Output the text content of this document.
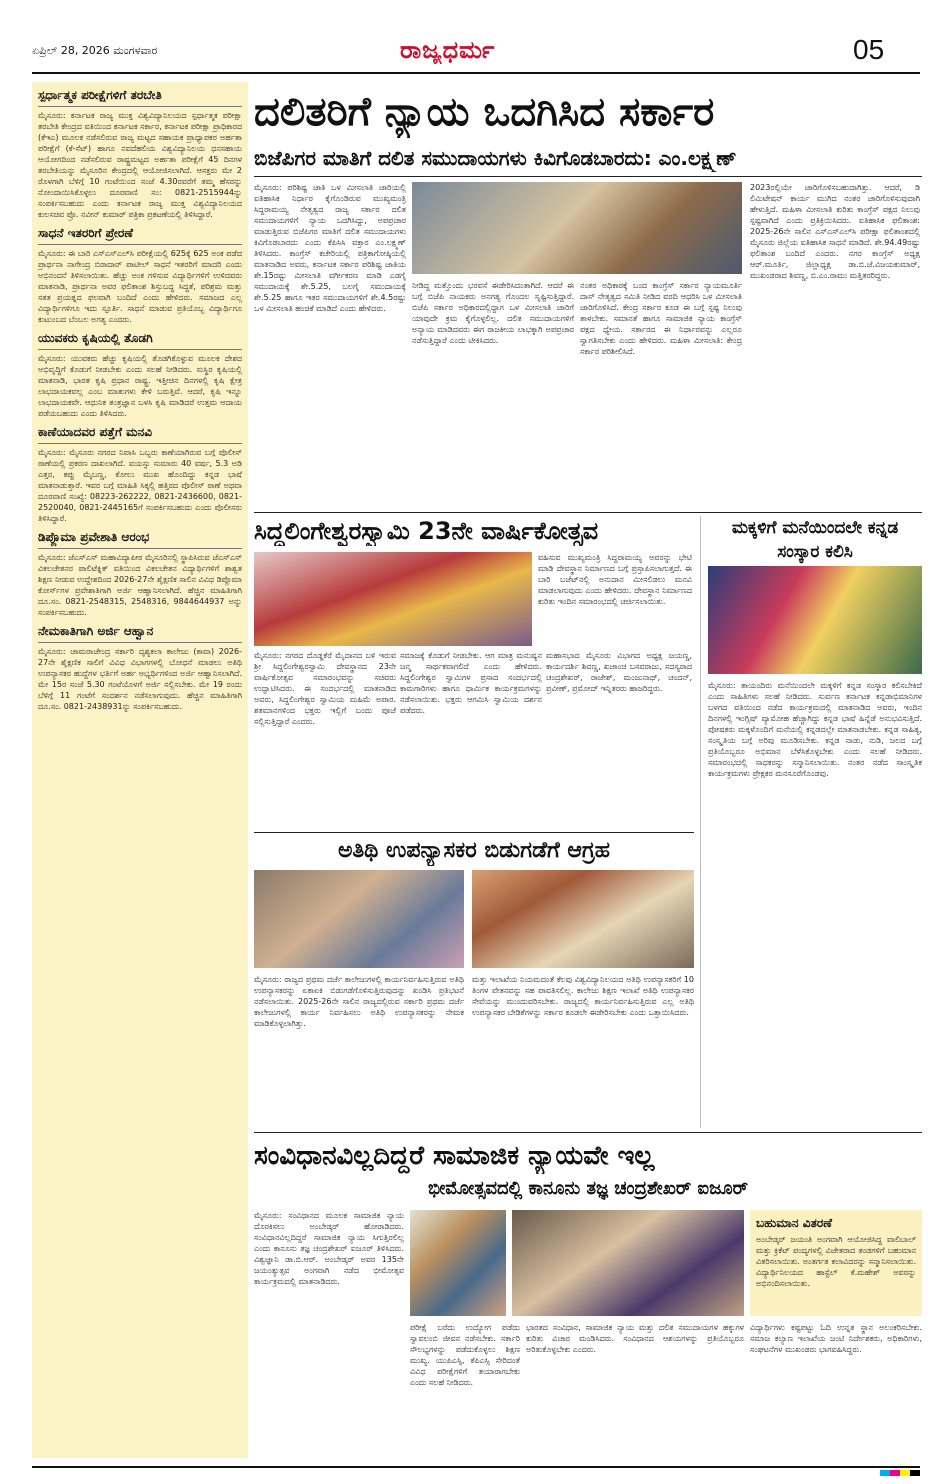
ಏಪ್ರಿಲ್ 28, 2026 ಮಂಗಳವಾರ	ರಾಜ್ಯಧರ್ಮ	05
ಸ್ಪರ್ಧಾತ್ಮಕ ಪರೀಕ್ಷೆಗಳಿಗೆ ತರಬೇತಿ
ಮೈಸೂರು: ಕರ್ನಾಟಕ ರಾಜ್ಯ ಮುಕ್ತ ವಿಶ್ವವಿದ್ಯಾನಿಲಯದ ಸ್ಪರ್ಧಾತ್ಮಕ ಪರೀಕ್ಷಾ ತರಬೇತಿ ಕೇಂದ್ರದ ವತಿಯಿಂದ ಕರ್ನಾಟಕ ಸರ್ಕಾರ, ಕರ್ನಾಟಕ ಪರೀಕ್ಷಾ ಪ್ರಾಧಿಕಾರದ (ಕೆಇಎ) ಮೂಲಕ ನಡೆಸಲಿರುವ ರಾಜ್ಯ ಮಟ್ಟದ ಸಹಾಯಕ ಪ್ರಾಧ್ಯಾಪಕರ ಅರ್ಹತಾ ಪರೀಕ್ಷೆಗೆ (ಕೆ-ಸೆಟ್) ಹಾಗೂ ನವದೆಹಲಿಯ ವಿಶ್ವವಿದ್ಯಾನಿಲಯ ಧನಸಹಾಯ ಆಯೋಗದಿಂದ ನಡೆಸಲಿರುವ ರಾಷ್ಟ್ರಮಟ್ಟದ ಅರ್ಹತಾ ಪರೀಕ್ಷೆಗೆ 45 ದಿನಗಳ ತರಬೇತಿಯನ್ನು ಮೈಸೂರಿನ ಕೇಂದ್ರದಲ್ಲಿ ಆಯೋಜಿಸಲಾಗಿದೆ. ಆಸಕ್ತರು ಮೇ 2 ರೊಳಗಾಗಿ ಬೆಳಿಗ್ಗೆ 10 ಗಂಟೆಯಿಂದ ಸಂಜೆ 4.30ರವರೆಗೆ ತಮ್ಮ ಹೆಸರನ್ನು ನೋಂದಾಯಿಸಿಕೊಳ್ಳಲು ದೂರವಾಣಿ ಸಂ: 0821-2515944ನ್ನು ಸಂಪರ್ಕಿಸಬಹುದು ಎಂದು ಕರ್ನಾಟಕ ರಾಜ್ಯ ಮುಕ್ತ ವಿಶ್ವವಿದ್ಯಾನಿಲಯದ ಕುಲಸಚಿವ ಪ್ರೊ. ನವೀನ್ ಕುಮಾರ್ ಪತ್ರಿಕಾ ಪ್ರಕಟಣೆಯಲ್ಲಿ ತಿಳಿಸಿದ್ದಾರೆ.
ಸಾಧನೆ ಇತರರಿಗೆ ಪ್ರೇರಣೆ
ಮೈಸೂರು: ಈ ಬಾರಿ ಎಸ್ಎಸ್ಎಲ್‌ಸಿ ಪರೀಕ್ಷೆಯಲ್ಲಿ 625ಕ್ಕೆ 625 ಅಂಕ ಪಡೆದ ಪ್ರಾರ್ಥನಾ ನಾಗೇಂದ್ರ ಬಿರಾದಾರ್ ಪಾಟೀಲ್ ಸಾಧನೆ ಇತರರಿಗೆ ಮಾದರಿ ಎಂದು ಅಭಿನಂದನೆ ತಿಳಿಸಲಾಯಿತು. ಹೆಚ್ಚು ಅಂಕ ಗಳಿಸುವ ವಿದ್ಯಾರ್ಥಿಗಳಿಗೆ ಉಳಿದವರು ಮಾತನಾಡಿ, ಪ್ರಾರ್ಥನಾ ಅವರ ಫಲಿತಾಂಶ ಶಿಸ್ತುಬದ್ಧ ಸಿದ್ಧತೆ, ಪರಿಶ್ರಮ ಮತ್ತು ಸತತ ಪ್ರಯತ್ನದ ಫಲವಾಗಿ ಬಂದಿದೆ ಎಂದು ಹೇಳಿದರು. ಸಮಾಜದ ಎಲ್ಲ ವಿದ್ಯಾರ್ಥಿಗಳಿಗೂ ಇದು ಸ್ಫೂರ್ತಿ. ಸಾಧನೆ ಮಾಡುವ ಪ್ರತಿಯೊಬ್ಬ ವಿದ್ಯಾರ್ಥಿಗೂ ಕುಟುಂಬದ ಬೆಂಬಲ ಅಗತ್ಯ ಎಂದರು.
ಯುವಕರು ಕೃಷಿಯಲ್ಲಿ ತೊಡಗಿ
ಮೈಸೂರು: ಯುವಕರು ಹೆಚ್ಚು ಕೃಷಿಯಲ್ಲಿ ತೊಡಗಿಕೊಳ್ಳುವ ಮೂಲಕ ದೇಶದ ಅಭಿವೃದ್ಧಿಗೆ ಕೊಡುಗೆ ನೀಡಬೇಕು ಎಂದು ಸಲಹೆ ನೀಡಿದರು. ಸುಸ್ಥಿರ ಕೃಷಿಯಲ್ಲಿ ಮಾತನಾಡಿ, ಭಾರತ ಕೃಷಿ ಪ್ರಧಾನ ರಾಷ್ಟ್ರ. ಇತ್ತೀಚಿನ ದಿನಗಳಲ್ಲಿ ಕೃಷಿ ಕ್ಷೇತ್ರ ಲಾಭದಾಯಕವಲ್ಲ ಎಂಬ ಮಾತುಗಳು ಕೇಳಿ ಬರುತ್ತಿವೆ. ಆದರೆ, ಕೃಷಿ ಇನ್ನೂ ಲಾಭದಾಯಕವೇ. ಆಧುನಿಕ ತಂತ್ರಜ್ಞಾನ ಬಳಸಿ ಕೃಷಿ ಮಾಡಿದರೆ ಉತ್ತಮ ಆದಾಯ ಪಡೆಯಬಹುದು ಎಂದು ತಿಳಿಸಿದರು.
ಕಾಣೆಯಾದವರ ಪತ್ತೆಗೆ ಮನವಿ
ಮೈಸೂರು: ಮೈಸೂರು ನಗರದ ನಿವಾಸಿ ಒಬ್ಬರು ಕಾಣೆಯಾಗಿರುವ ಬಗ್ಗೆ ಪೊಲೀಸ್ ಠಾಣೆಯಲ್ಲಿ ಪ್ರಕರಣ ದಾಖಲಾಗಿದೆ. ವಯಸ್ಸು ಸುಮಾರು 40 ವರ್ಷ, 5.3 ಅಡಿ ಎತ್ತರ, ಕಪ್ಪು ಮೈಬಣ್ಣ, ಕೋಲು ಮುಖ ಹೊಂದಿದ್ದು ಕನ್ನಡ ಭಾಷೆ ಮಾತನಾಡುತ್ತಾರೆ. ಇವರ ಬಗ್ಗೆ ಮಾಹಿತಿ ಸಿಕ್ಕಲ್ಲಿ ಹತ್ತಿರದ ಪೊಲೀಸ್ ಠಾಣೆ ಅಥವಾ ದೂರವಾಣಿ ಸಂಖ್ಯೆ: 08223-262222, 0821-2436600, 0821-2520040, 0821-2445165ಗೆ ಸಂಪರ್ಕಿಸಬಹುದು ಎಂದು ಪೊಲೀಸರು ತಿಳಿಸಿದ್ದಾರೆ.
ಡಿಪ್ಲೊಮಾ ಪ್ರವೇಶಾತಿ ಆರಂಭ
ಮೈಸೂರು: ಜೆಎಸ್ಎಸ್ ಮಹಾವಿದ್ಯಾಪೀಠ ಮೈಸೂರಿನಲ್ಲಿ ಸ್ಥಾಪಿಸಿರುವ ಜೆಎಸ್ಎಸ್ ವಿಕಲಚೇತನರ ಪಾಲಿಟೆಕ್ನಿಕ್ ವತಿಯಿಂದ ವಿಕಲಚೇತನ ವಿದ್ಯಾರ್ಥಿಗಳಿಗೆ ಶಾಶ್ವತ ಶಿಕ್ಷಣ ನೀಡುವ ಉದ್ದೇಶದಿಂದ 2026-27ನೇ ಶೈಕ್ಷಣಿಕ ಸಾಲಿನ ವಿವಿಧ ಡಿಪ್ಲೊಮಾ ಕೋರ್ಸ್‌ಗಳ ಪ್ರವೇಶಾತಿಗಾಗಿ ಅರ್ಜಿ ಆಹ್ವಾನಿಸಲಾಗಿದೆ. ಹೆಚ್ಚಿನ ಮಾಹಿತಿಗಾಗಿ ದೂ.ಸಂ. 0821-2548315, 2548316, 9844644937 ಅನ್ನು ಸಂಪರ್ಕಿಸಬಹುದು.
ನೇಮಕಾತಿಗಾಗಿ ಅರ್ಜಿ ಆಹ್ವಾನ
ಮೈಸೂರು: ಚಾಮರಾಜೇಂದ್ರ ಸರ್ಕಾರಿ ದೃಶ್ಯಕಲಾ ಕಾಲೇಜು (ಕಾವಾ) 2026-27ನೇ ಶೈಕ್ಷಣಿಕ ಸಾಲಿಗೆ ವಿವಿಧ ವಿಭಾಗಗಳಲ್ಲಿ ಬೋಧನೆ ಮಾಡಲು ಅತಿಥಿ ಉಪನ್ಯಾಸಕರ ಹುದ್ದೆಗಳ ಭರ್ತಿಗೆ ಅರ್ಹ ಅಭ್ಯರ್ಥಿಗಳಿಂದ ಅರ್ಜಿ ಆಹ್ವಾನಿಸಲಾಗಿದೆ. ಮೇ 15ರ ಸಂಜೆ 5.30 ಗಂಟೆಯೊಳಗೆ ಅರ್ಜಿ ಸಲ್ಲಿಸಬೇಕು. ಮೇ 19 ರಂದು ಬೆಳಿಗ್ಗೆ 11 ಗಂಟೆಗೆ ಸಂದರ್ಶನ ನಡೆಸಲಾಗುವುದು. ಹೆಚ್ಚಿನ ಮಾಹಿತಿಗಾಗಿ ದೂ.ಸಂ. 0821-2438931ನ್ನು ಸಂಪರ್ಕಿಸಬಹುದು.
ದಲಿತರಿಗೆ ನ್ಯಾಯ ಒದಗಿಸಿದ ಸರ್ಕಾರ
ಬಿಜೆಪಿಗರ ಮಾತಿಗೆ ದಲಿತ ಸಮುದಾಯಗಳು ಕಿವಿಗೊಡಬಾರದು: ಎಂ.ಲಕ್ಷ್ಮಣ್
ಮೈಸೂರು: ಪರಿಶಿಷ್ಟ ಜಾತಿ ಒಳ ಮೀಸಲಾತಿ ಜಾರಿಯಲ್ಲಿ ಐತಿಹಾಸಿಕ ನಿರ್ಧಾರ ಕೈಗೊಂಡಿರುವ ಮುಖ್ಯಮಂತ್ರಿ ಸಿದ್ದರಾಮಯ್ಯ ನೇತೃತ್ವದ ರಾಜ್ಯ ಸರ್ಕಾರ ದಲಿತ ಸಮುದಾಯಗಳಿಗೆ ನ್ಯಾಯ ಒದಗಿಸಿದ್ದು, ಅಪಪ್ರಚಾರ ಮಾಡುತ್ತಿರುವ ಬಿಜೆಪಿಗರ ಮಾತಿಗೆ ದಲಿತ ಸಮುದಾಯಗಳು ಕಿವಿಗೊಡಬಾರದು ಎಂದು ಕೆಪಿಸಿಸಿ ವಕ್ತಾರ ಎಂ.ಲಕ್ಷ್ಮಣ್ ತಿಳಿಸಿದರು. ಕಾಂಗ್ರೆಸ್ ಕಚೇರಿಯಲ್ಲಿ ಪತ್ರಿಕಾಗೋಷ್ಠಿಯಲ್ಲಿ ಮಾತನಾಡಿದ ಅವರು, ಕರ್ನಾಟಕ ಸರ್ಕಾರ ಪರಿಶಿಷ್ಟ ಜಾತಿಯ ಶೇ.15ರಷ್ಟು ಮೀಸಲಾತಿ ವರ್ಗೀಕರಣ ಮಾಡಿ ಎಡಗೈ ಸಮುದಾಯಕ್ಕೆ ಶೇ.5.25, ಬಲಗೈ ಸಮುದಾಯಕ್ಕೆ ಶೇ.5.25 ಹಾಗೂ ಇತರ ಸಮುದಾಯಗಳಿಗೆ ಶೇ.4.5ರಷ್ಟು ಒಳ ಮೀಸಲಾತಿ ಹಂಚಿಕೆ ಮಾಡಿದೆ ಎಂದು ಹೇಳಿದರು.
ನೀಡಿದ್ದ ಮತ್ತೊಂದು ಭರವಸೆ ಈಡೇರಿಸಿದಂತಾಗಿದೆ. ಆದರೆ ಈ ಬಗ್ಗೆ ಬಿಜೆಪಿ ನಾಯಕರು ಅನಗತ್ಯ ಗೊಂದಲ ಸೃಷ್ಟಿಸುತ್ತಿದ್ದಾರೆ. ಬಿಜೆಪಿ ಸರ್ಕಾರ ಅಧಿಕಾರದಲ್ಲಿದ್ದಾಗ ಒಳ ಮೀಸಲಾತಿ ಜಾರಿಗೆ ಯಾವುದೇ ಕ್ರಮ ಕೈಗೊಳ್ಳಲಿಲ್ಲ. ದಲಿತ ಸಮುದಾಯಗಳಿಗೆ ಅನ್ಯಾಯ ಮಾಡಿದವರು ಈಗ ರಾಜಕೀಯ ಲಾಭಕ್ಕಾಗಿ ಅಪಪ್ರಚಾರ ನಡೆಸುತ್ತಿದ್ದಾರೆ ಎಂದು ಟೀಕಿಸಿದರು.
ನಂತರ ಅಧಿಕಾರಕ್ಕೆ ಬಂದ ಕಾಂಗ್ರೆಸ್ ಸರ್ಕಾರ ನ್ಯಾಯಮೂರ್ತಿ ದಾಸ್ ನೇತೃತ್ವದ ಸಮಿತಿ ನೀಡಿದ ವರದಿ ಆಧರಿಸಿ ಒಳ ಮೀಸಲಾತಿ ಜಾರಿಗೊಳಿಸಿದೆ. ಕೇಂದ್ರ ಸರ್ಕಾರ ಕೂಡ ಈ ಬಗ್ಗೆ ಸ್ಪಷ್ಟ ನಿಲುವು ತಾಳಬೇಕು. ಸಮಾನತೆ ಹಾಗೂ ಸಾಮಾಜಿಕ ನ್ಯಾಯ ಕಾಂಗ್ರೆಸ್ ಪಕ್ಷದ ಧ್ಯೇಯ. ಸರ್ಕಾರದ ಈ ನಿರ್ಧಾರವನ್ನು ಎಲ್ಲರೂ ಸ್ವಾಗತಿಸಬೇಕು ಎಂದು ಹೇಳಿದರು. ಮಹಿಳಾ ಮೀಸಲಾತಿ: ಕೇಂದ್ರ ಸರ್ಕಾರ ಪರಿಶೀಲಿಸಿದೆ.
2023ರಲ್ಲಿಯೇ ಜಾರಿಗೊಳಿಸಬಹುದಾಗಿತ್ತು. ಆದರೆ, ಡಿ ಲಿಮಿಟೇಷನ್ ಕಾರ್ಯ ಮುಗಿದ ನಂತರ ಜಾರಿಗೊಳಿಸುವುದಾಗಿ ಹೇಳುತ್ತಿದೆ. ಮಹಿಳಾ ಮೀಸಲಾತಿ ಕುರಿತು ಕಾಂಗ್ರೆಸ್ ಪಕ್ಷದ ನಿಲುವು ಸ್ಪಷ್ಟವಾಗಿದೆ ಎಂದು ಪ್ರತಿಕ್ರಿಯಿಸಿದರು. ಐತಿಹಾಸಿಕ ಫಲಿತಾಂಶ: 2025-26ನೇ ಸಾಲಿನ ಎಸ್ಎಸ್ಎಲ್‌ಸಿ ಪರೀಕ್ಷಾ ಫಲಿತಾಂಶದಲ್ಲಿ ಮೈಸೂರು ಜಿಲ್ಲೆಯ ಐತಿಹಾಸಿಕ ಸಾಧನೆ ಮಾಡಿದೆ. ಶೇ.94.49ರಷ್ಟು ಫಲಿತಾಂಶ ಬಂದಿದೆ ಎಂದರು. ನಗರ ಕಾಂಗ್ರೆಸ್ ಅಧ್ಯಕ್ಷ ಆರ್.ಮೂರ್ತಿ, ಜಿಲ್ಲಾಧ್ಯಕ್ಷ ಡಾ.ಬಿ.ಜೆ.ವಿಜಯಕುಮಾರ್, ಮುಖಂಡರಾದ ಶಿವಣ್ಣ, ಬಿ.ಎಂ.ರಾಮು ಮತ್ತಿತರರಿದ್ದರು.
ಸಿದ್ದಲಿಂಗೇಶ್ವರಸ್ವಾಮಿ 23ನೇ ವಾರ್ಷಿಕೋತ್ಸವ
ವಹಿಸುವ ಮುಖ್ಯಮಂತ್ರಿ ಸಿದ್ದರಾಮಯ್ಯ ಅವರನ್ನು ಭೇಟಿ ಮಾಡಿ ದೇವಸ್ಥಾನ ನಿರ್ಮಾಣದ ಬಗ್ಗೆ ಪ್ರಸ್ತಾಪಿಸಲಾಗುತ್ತದೆ. ಈ ಬಾರಿ ಬಜೆಟ್‌ನಲ್ಲಿ ಅನುದಾನ ಮೀಸಲಿಡಲು ಮನವಿ ಮಾಡಲಾಗುವುದು ಎಂದು ಹೇಳಿದರು. ದೇವಸ್ಥಾನ ನಿರ್ಮಾಣದ ಕುರಿತು ಇಂದಿನ ಸಮಾರಂಭದಲ್ಲಿ ಚರ್ಚಿಸಲಾಯಿತು.
ಮೈಸೂರು: ನಗರದ ದೊಡ್ಡಕೆರೆ ಮೈದಾನದ ಬಳಿ ಇರುವ ಶ್ರೀ ಸಿದ್ದಲಿಂಗೇಶ್ವರಸ್ವಾಮಿ ದೇವಸ್ಥಾನದ 23ನೇ ವಾರ್ಷಿಕೋತ್ಸವ ಸಮಾರಂಭವನ್ನು ಸಚಿವರು ಉದ್ಘಾಟಿಸಿದರು. ಈ ಸಂದರ್ಭದಲ್ಲಿ ಮಾತನಾಡಿದ ಅವರು, ಸಿದ್ದಲಿಂಗೇಶ್ವರ ಸ್ವಾಮಿಯ ಮಹಿಮೆ ಅಪಾರ. ಶತಮಾನಗಳಿಂದ ಭಕ್ತರು ಇಲ್ಲಿಗೆ ಬಂದು ಪೂಜೆ ಸಲ್ಲಿಸುತ್ತಿದ್ದಾರೆ ಎಂದರು.
ಸಮಾಜಕ್ಕೆ ಕೊಡುಗೆ ನೀಡಬೇಕು. ಆಗ ಮಾತ್ರ ಮನುಷ್ಯನ ಜನ್ಮ ಸಾರ್ಥಕವಾಗಲಿದೆ ಎಂದು ಹೇಳಿದರು. ಸಿದ್ದಲಿಂಗೇಶ್ವರ ಸ್ವಾಮಿಗಳ ಪ್ರಸಾದ ಸಂದರ್ಭದಲ್ಲಿ ಕಾಮಗಾರಿಗಳು ಹಾಗೂ ಧಾರ್ಮಿಕ ಕಾರ್ಯಕ್ರಮಗಳನ್ನು ನಡೆಸಲಾಯಿತು. ಭಕ್ತರು ಆಗಮಿಸಿ ಸ್ವಾಮಿಯ ದರ್ಶನ ಪಡೆದರು.
ಮಹಾಸಭಾದ ಮೈಸೂರು ವಿಭಾಗದ ಅಧ್ಯಕ್ಷ ಜಯಣ್ಣ, ಕಾರ್ಯದರ್ಶಿ ಶಿವಣ್ಣ, ಖಜಾಂಚಿ ಬಸವರಾಜು, ಸದಸ್ಯರಾದ ಚಂದ್ರಶೇಖರ್, ರಾಜೇಶ್, ಮಂಜುನಾಥ್, ಚಂದನ್, ಪ್ರವೀಣ್, ಪ್ರಮೋದ್ ಇನ್ನಿತರರು ಹಾಜರಿದ್ದರು.
ಮಕ್ಕಳಿಗೆ ಮನೆಯಿಂದಲೇ ಕನ್ನಡ ಸಂಸ್ಕಾರ ಕಲಿಸಿ
ಮೈಸೂರು: ತಾಯಂದಿರು ಮನೆಯಿಂದಲೇ ಮಕ್ಕಳಿಗೆ ಕನ್ನಡ ಸಂಸ್ಕಾರ ಕಲಿಸಬೇಕಿದೆ ಎಂದು ಸಾಹಿತಿಗಳು ಸಲಹೆ ನೀಡಿದರು. ಸುರ್ವಣ ಕರ್ನಾಟಕ ಕನ್ನಡಾಭಿಮಾನಿಗಳ ಬಳಗದ ವತಿಯಿಂದ ನಡೆದ ಕಾರ್ಯಕ್ರಮದಲ್ಲಿ ಮಾತನಾಡಿದ ಅವರು, ಇಂದಿನ ದಿನಗಳಲ್ಲಿ ಇಂಗ್ಲಿಷ್ ವ್ಯಾಮೋಹ ಹೆಚ್ಚಾಗಿದ್ದು ಕನ್ನಡ ಭಾಷೆ ಹಿನ್ನೆಡೆ ಅನುಭವಿಸುತ್ತಿದೆ. ಪೋಷಕರು ಮಕ್ಕಳೊಂದಿಗೆ ಮನೆಯಲ್ಲಿ ಕನ್ನಡದಲ್ಲೇ ಮಾತನಾಡಬೇಕು. ಕನ್ನಡ ಸಾಹಿತ್ಯ, ಸಂಸ್ಕೃತಿಯ ಬಗ್ಗೆ ಅರಿವು ಮೂಡಿಸಬೇಕು. ಕನ್ನಡ ನಾಡು, ನುಡಿ, ಜಲದ ಬಗ್ಗೆ ಪ್ರತಿಯೊಬ್ಬರೂ ಅಭಿಮಾನ ಬೆಳೆಸಿಕೊಳ್ಳಬೇಕು ಎಂದು ಸಲಹೆ ನೀಡಿದರು. ಸಮಾರಂಭದಲ್ಲಿ ಸಾಧಕರನ್ನು ಸನ್ಮಾನಿಸಲಾಯಿತು. ನಂತರ ನಡೆದ ಸಾಂಸ್ಕೃತಿಕ ಕಾರ್ಯಕ್ರಮಗಳು ಪ್ರೇಕ್ಷಕರ ಮನಸೂರೆಗೊಂಡವು.
ಅತಿಥಿ ಉಪನ್ಯಾಸಕರ ಬಿಡುಗಡೆಗೆ ಆಗ್ರಹ
ಮೈಸೂರು: ರಾಜ್ಯದ ಪ್ರಥಮ ದರ್ಜೆ ಕಾಲೇಜುಗಳಲ್ಲಿ ಕಾರ್ಯನಿರ್ವಹಿಸುತ್ತಿರುವ ಅತಿಥಿ ಉಪನ್ಯಾಸಕರನ್ನು ಏಕಾಏಕಿ ಬಿಡುಗಡೆಗೊಳಿಸುತ್ತಿರುವುದನ್ನು ಖಂಡಿಸಿ ಪ್ರತಿಭಟನೆ ನಡೆಸಲಾಯಿತು. 2025-26ನೇ ಸಾಲಿನ ರಾಜ್ಯದಲ್ಲಿರುವ ಸರ್ಕಾರಿ ಪ್ರಥಮ ದರ್ಜೆ ಕಾಲೇಜುಗಳಲ್ಲಿ ಕಾರ್ಯ ನಿರ್ವಹಿಸಲು ಅತಿಥಿ ಉಪನ್ಯಾಸಕರನ್ನು ನೇಮಕ ಮಾಡಿಕೊಳ್ಳಲಾಗಿತ್ತು.
ಮತ್ತು ಇಲಾಖೆಯ ನಿಯಮದಂತೆ ಕೆಲವು ವಿಶ್ವವಿದ್ಯಾನಿಲಯದ ಅತಿಥಿ ಉಪನ್ಯಾಸಕರಿಗೆ 10 ತಿಂಗಳ ವೇತನವನ್ನು ಸಹ ಪಾವತಿಸಲಿಲ್ಲ. ಕಾಲೇಜು ಶಿಕ್ಷಣ ಇಲಾಖೆ ಅತಿಥಿ ಉಪನ್ಯಾಸಕರ ಸೇವೆಯನ್ನು ಮುಂದುವರಿಸಬೇಕು. ರಾಜ್ಯದಲ್ಲಿ ಕಾರ್ಯನಿರ್ವಹಿಸುತ್ತಿರುವ ಎಲ್ಲ ಅತಿಥಿ ಉಪನ್ಯಾಸಕರ ಬೇಡಿಕೆಗಳನ್ನು ಸರ್ಕಾರ ಕೂಡಲೇ ಈಡೇರಿಸಬೇಕು ಎಂದು ಒತ್ತಾಯಿಸಿದರು.
ಸಂವಿಧಾನವಿಲ್ಲದಿದ್ದರೆ ಸಾಮಾಜಿಕ ನ್ಯಾಯವೇ ಇಲ್ಲ
ಭೀಮೋತ್ಸವದಲ್ಲಿ ಕಾನೂನು ತಜ್ಞ ಚಂದ್ರಶೇಖರ್ ಐಜೂರ್
ಮೈಸೂರು: ಸಂವಿಧಾನದ ಮೂಲಕ ಸಾಮಾಜಿಕ ನ್ಯಾಯ ದೊರಕಿಸಲು ಅಂಬೇಡ್ಕರ್ ಹೋರಾಡಿದರು. ಸಂವಿಧಾನವಿಲ್ಲದಿದ್ದರೆ ಸಾಮಾಜಿಕ ನ್ಯಾಯ ಸಿಗುತ್ತಿರಲಿಲ್ಲ ಎಂದು ಕಾನೂನು ತಜ್ಞ ಚಂದ್ರಶೇಖರ್ ಐಜೂರ್ ತಿಳಿಸಿದರು. ವಿಶ್ವಜ್ಞಾನಿ ಡಾ.ಬಿ.ಆರ್. ಅಂಬೇಡ್ಕರ್ ಅವರ 135ನೇ ಜಯಂತ್ಯುತ್ಸವ ಅಂಗವಾಗಿ ನಡೆದ ಭೀಮೋತ್ಸವ ಕಾರ್ಯಕ್ರಮದಲ್ಲಿ ಮಾತನಾಡಿದರು.
ಪರೀಕ್ಷೆ ಬರೆದು ಉದ್ಯೋಗ ಪಡೆದು ಸ್ವಾವಲಂಬಿ ಜೀವನ ನಡೆಸಬೇಕು. ಸರ್ಕಾರಿ ಸೌಲಭ್ಯಗಳನ್ನು ಪಡೆದುಕೊಳ್ಳಲು ಶಿಕ್ಷಣ ಮುಖ್ಯ. ಯುಪಿಎಸ್ಸಿ, ಕೆಪಿಎಸ್ಸಿ ಸೇರಿದಂತೆ ವಿವಿಧ ಪರೀಕ್ಷೆಗಳಿಗೆ ತಯಾರಾಗಬೇಕು ಎಂದು ಸಲಹೆ ನೀಡಿದರು.
ಭಾರತದ ಸಂವಿಧಾನ, ಸಾಮಾಜಿಕ ನ್ಯಾಯ ಮತ್ತು ದಲಿತ ಸಮುದಾಯಗಳ ಹಕ್ಕುಗಳ ಕುರಿತು ವಿಚಾರ ಮಂಡಿಸಿದರು. ಸಂವಿಧಾನದ ಆಶಯಗಳನ್ನು ಪ್ರತಿಯೊಬ್ಬರೂ ಅರಿತುಕೊಳ್ಳಬೇಕು ಎಂದರು.
ಬಹುಮಾನ ವಿತರಣೆ
ಅಂಬೇಡ್ಕರ್ ಜಯಂತಿ ಅಂಗವಾಗಿ ಆಯೋಜಿಸಿದ್ದ ವಾಲಿಬಾಲ್ ಮತ್ತು ಕ್ರಿಕೆಟ್ ಪಂದ್ಯಗಳಲ್ಲಿ ವಿಜೇತರಾದ ತಂಡಗಳಿಗೆ ಬಹುಮಾನ ವಿತರಿಸಲಾಯಿತು. ಅಂತರ್ಗತ ಕಲಾವಿದರನ್ನು ಸನ್ಮಾನಿಸಲಾಯಿತು. ವಿದ್ಯಾರ್ಥಿನಿಲಯದ ಹಾಸ್ಟೆಲ್ ಕೆ.ಮಹೇಶ್ ಅವರನ್ನು ಅಭಿನಂದಿಸಲಾಯಿತು.
ವಿದ್ಯಾರ್ಥಿಗಳು ಕಷ್ಟಪಟ್ಟು ಓದಿ ಉನ್ನತ ಸ್ಥಾನ ಅಲಂಕರಿಸಬೇಕು. ಸಮಾಜ ಕಲ್ಯಾಣ ಇಲಾಖೆಯ ಜಂಟಿ ನಿರ್ದೇಶಕರು, ಅಧಿಕಾರಿಗಳು, ಸಂಘಟನೆಗಳ ಮುಖಂಡರು ಭಾಗವಹಿಸಿದ್ದರು.
